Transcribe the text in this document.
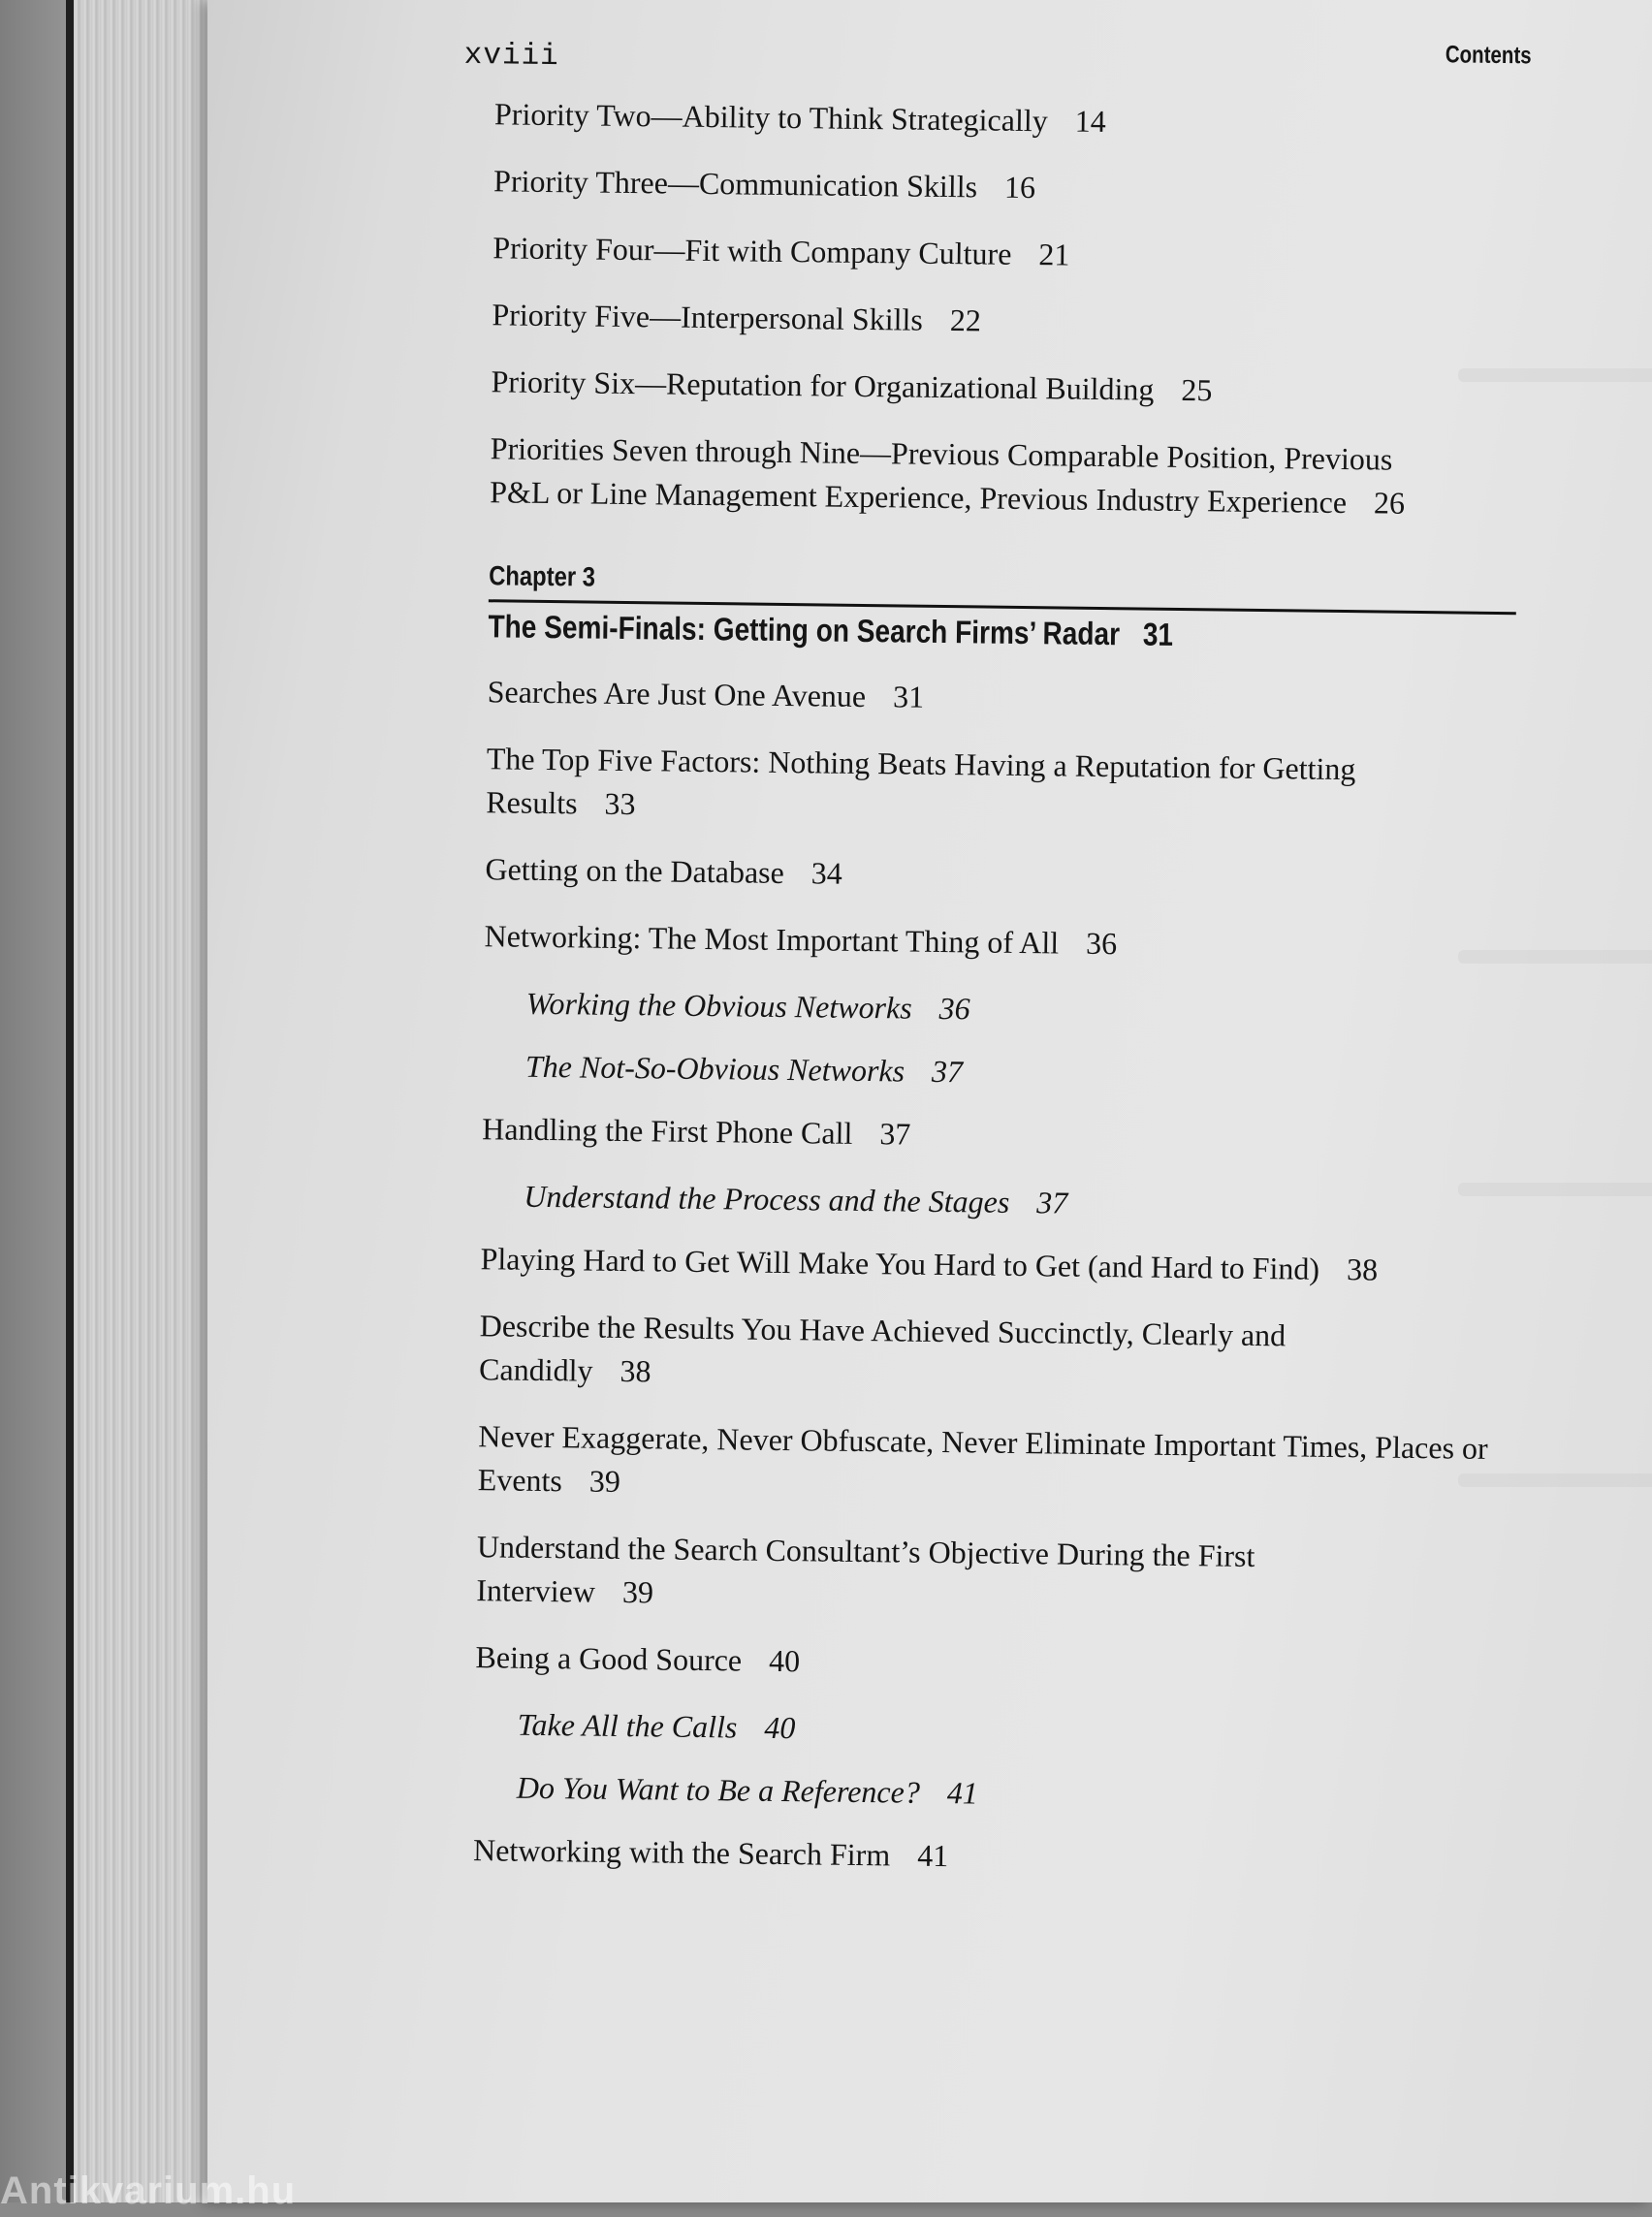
xviii	Contents
Priority Two—Ability to Think Strategically 14
Priority Three—Communication Skills 16
Priority Four—Fit with Company Culture 21
Priority Five—Interpersonal Skills 22
Priority Six—Reputation for Organizational Building 25
Priorities Seven through Nine—Previous Comparable Position, Previous P&L or Line Management Experience, Previous Industry Experience 26
Chapter 3
The Semi-Finals: Getting on Search Firms’ Radar 31
Searches Are Just One Avenue 31
The Top Five Factors: Nothing Beats Having a Reputation for Getting Results 33
Getting on the Database 34
Networking: The Most Important Thing of All 36
Working the Obvious Networks 36
The Not-So-Obvious Networks 37
Handling the First Phone Call 37
Understand the Process and the Stages 37
Playing Hard to Get Will Make You Hard to Get (and Hard to Find) 38
Describe the Results You Have Achieved Succinctly, Clearly and Candidly 38
Never Exaggerate, Never Obfuscate, Never Eliminate Important Times, Places or Events 39
Understand the Search Consultant’s Objective During the First Interview 39
Being a Good Source 40
Take All the Calls 40
Do You Want to Be a Reference? 41
Networking with the Search Firm 41
Antikvarium.hu
